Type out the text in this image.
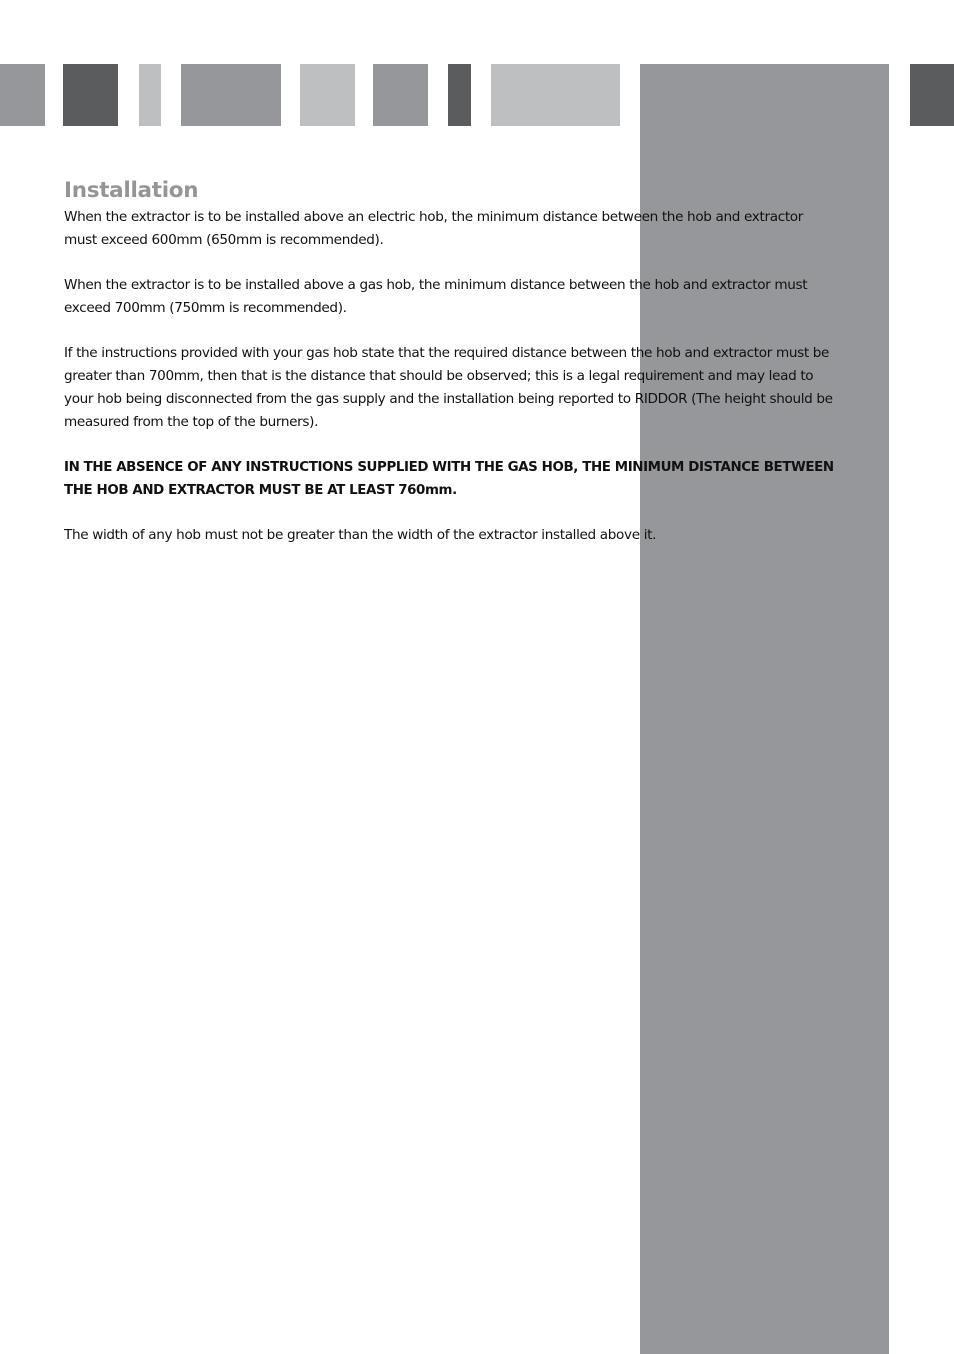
Installation

When the extractor is to be installed above an electric hob, the minimum distance between the hob and extractor must exceed 600mm (650mm is recommended).

When the extractor is to be installed above a gas hob, the minimum distance between the hob and extractor must exceed 700mm (750mm is recommended).

If the instructions provided with your gas hob state that the required distance between the hob and extractor must be greater than 700mm, then that is the distance that should be observed; this is a legal requirement and may lead to your hob being disconnected from the gas supply and the installation being reported to RIDDOR (The height should be measured from the top of the burners).

IN THE ABSENCE OF ANY INSTRUCTIONS SUPPLIED WITH THE GAS HOB, THE MINIMUM DISTANCE BETWEEN THE HOB AND EXTRACTOR MUST BE AT LEAST 760mm.

The width of any hob must not be greater than the width of the extractor installed above it.
